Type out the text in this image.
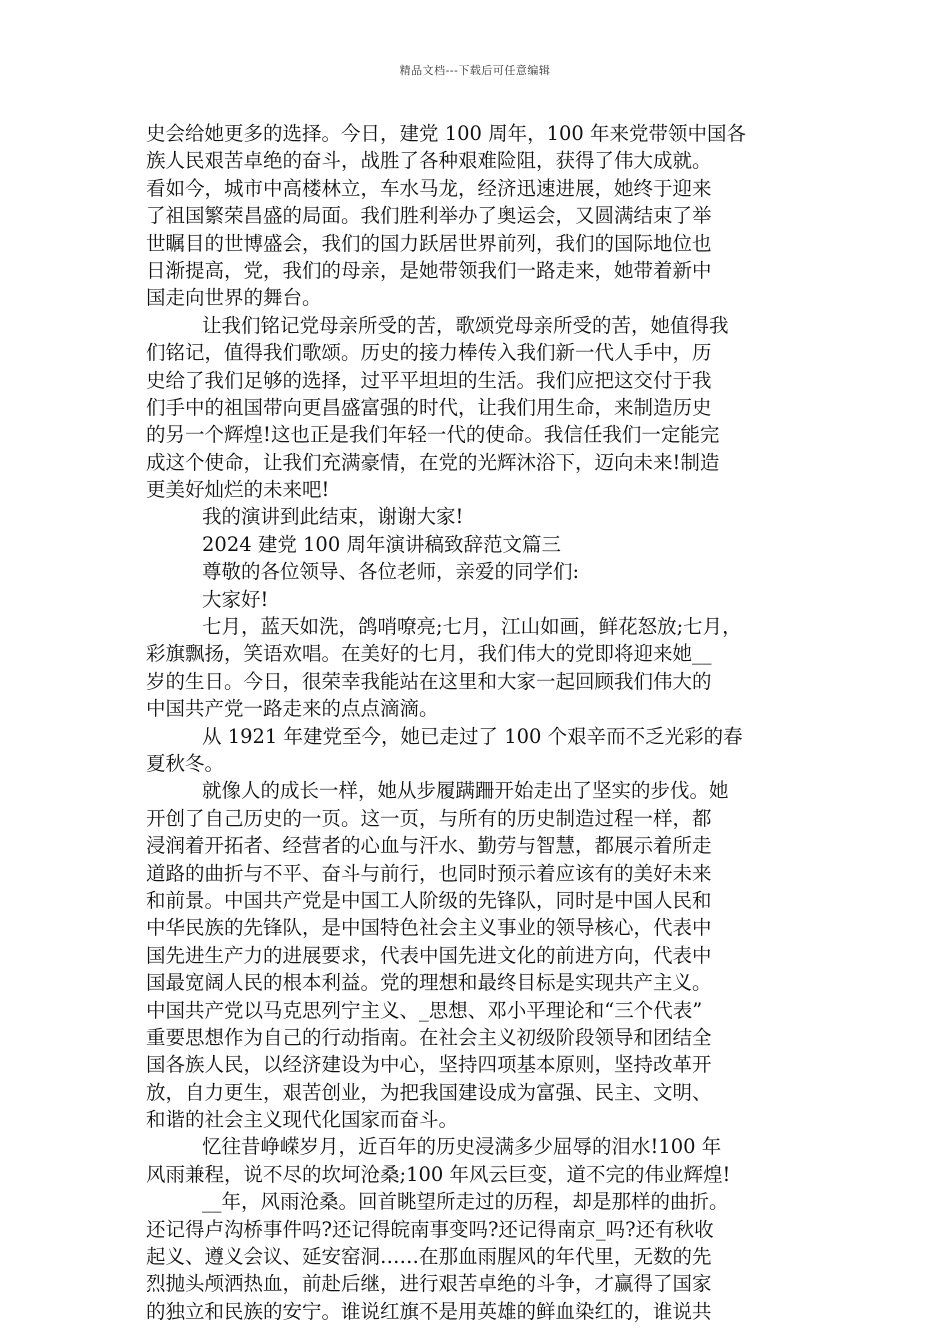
精品文档---下载后可任意编辑
史会给她更多的选择。今日，建党 100 周年，100 年来党带领中国各
族人民艰苦卓绝的奋斗，战胜了各种艰难险阻，获得了伟大成就。
看如今，城市中高楼林立，车水马龙，经济迅速进展，她终于迎来
了祖国繁荣昌盛的局面。我们胜利举办了奥运会，又圆满结束了举
世瞩目的世博盛会，我们的国力跃居世界前列，我们的国际地位也
日渐提高，党，我们的母亲，是她带领我们一路走来，她带着新中
国走向世界的舞台。
让我们铭记党母亲所受的苦，歌颂党母亲所受的苦，她值得我
们铭记，值得我们歌颂。历史的接力棒传入我们新一代人手中，历
史给了我们足够的选择，过平平坦坦的生活。我们应把这交付于我
们手中的祖国带向更昌盛富强的时代，让我们用生命，来制造历史
的另一个辉煌!这也正是我们年轻一代的使命。我信任我们一定能完
成这个使命，让我们充满豪情，在党的光辉沐浴下，迈向未来!制造
更美好灿烂的未来吧!
我的演讲到此结束，谢谢大家!
2024 建党 100 周年演讲稿致辞范文篇三
尊敬的各位领导、各位老师，亲爱的同学们:
大家好!
七月，蓝天如洗，鸽哨嘹亮;七月，江山如画，鲜花怒放;七月，
彩旗飘扬，笑语欢唱。在美好的七月，我们伟大的党即将迎来她__
岁的生日。今日，很荣幸我能站在这里和大家一起回顾我们伟大的
中国共产党一路走来的点点滴滴。
从 1921 年建党至今，她已走过了 100 个艰辛而不乏光彩的春
夏秋冬。
就像人的成长一样，她从步履蹒跚开始走出了坚实的步伐。她
开创了自己历史的一页。这一页，与所有的历史制造过程一样，都
浸润着开拓者、经营者的心血与汗水、勤劳与智慧，都展示着所走
道路的曲折与不平、奋斗与前行，也同时预示着应该有的美好未来
和前景。中国共产党是中国工人阶级的先锋队，同时是中国人民和
中华民族的先锋队，是中国特色社会主义事业的领导核心，代表中
国先进生产力的进展要求，代表中国先进文化的前进方向，代表中
国最宽阔人民的根本利益。党的理想和最终目标是实现共产主义。
中国共产党以马克思列宁主义、_思想、邓小平理论和“三个代表”
重要思想作为自己的行动指南。在社会主义初级阶段领导和团结全
国各族人民，以经济建设为中心，坚持四项基本原则，坚持改革开
放，自力更生，艰苦创业，为把我国建设成为富强、民主、文明、
和谐的社会主义现代化国家而奋斗。
忆往昔峥嵘岁月，近百年的历史浸满多少屈辱的泪水!100 年
风雨兼程，说不尽的坎坷沧桑;100 年风云巨变，道不完的伟业辉煌!
__年，风雨沧桑。回首眺望所走过的历程，却是那样的曲折。
还记得卢沟桥事件吗?还记得皖南事变吗?还记得南京_吗?还有秋收
起义、遵义会议、延安窑洞……在那血雨腥风的年代里，无数的先
烈抛头颅洒热血，前赴后继，进行艰苦卓绝的斗争，才赢得了国家
的独立和民族的安宁。谁说红旗不是用英雄的鲜血染红的，谁说共
